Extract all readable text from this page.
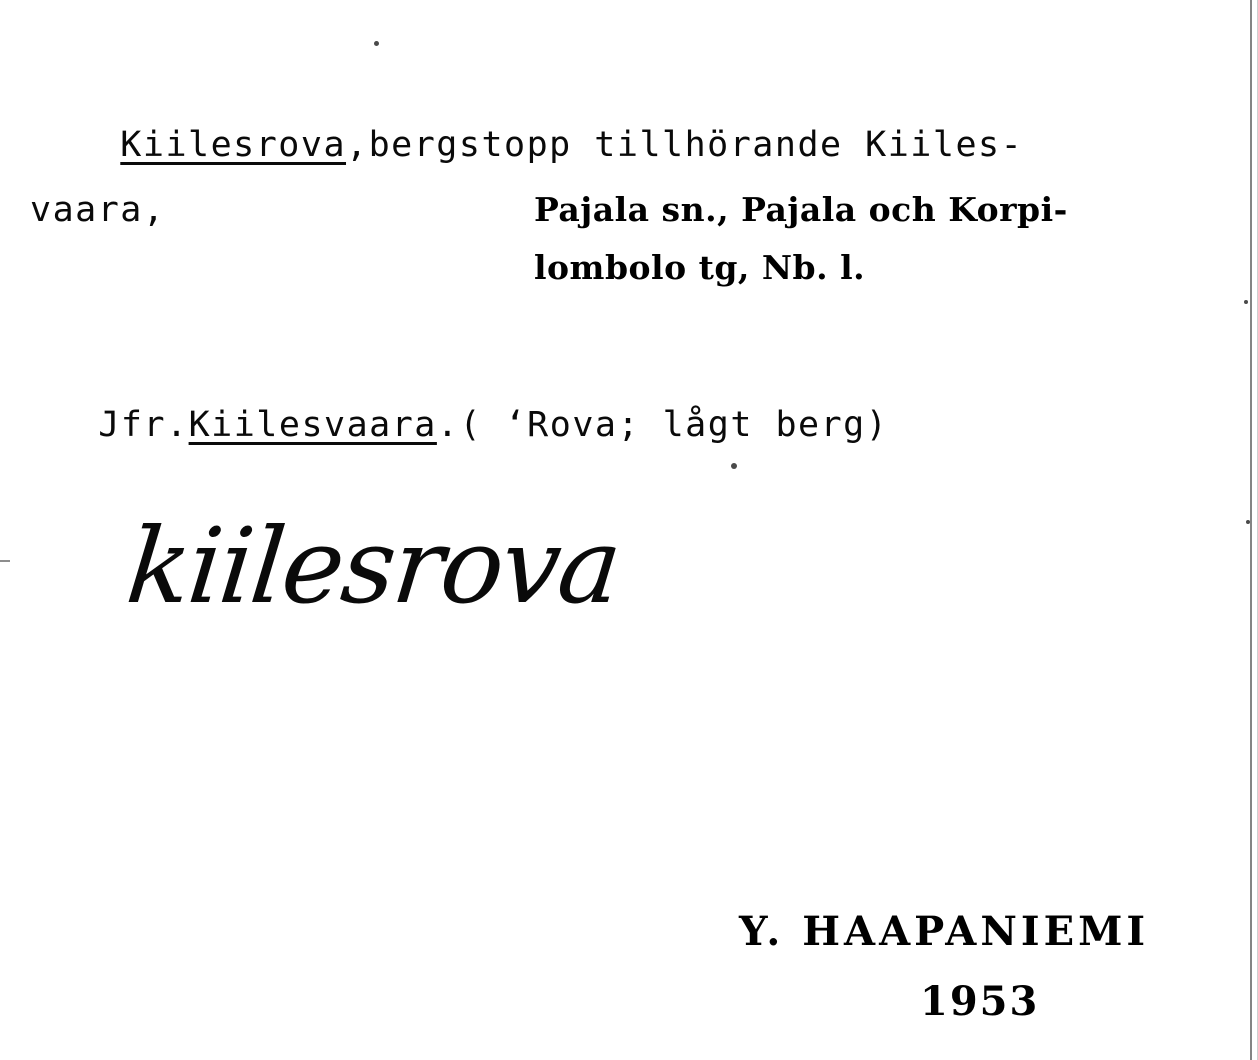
Kiilesrova,bergstopp tillhörande Kiiles-

vaara,	Pajala sn., Pajala och Korpi-
lombolo tg, Nb. l.

Jfr.Kiilesvaara.( ʻRova; lågt berg)

kiilesrova
Y. HAAPANIEMI
1953
